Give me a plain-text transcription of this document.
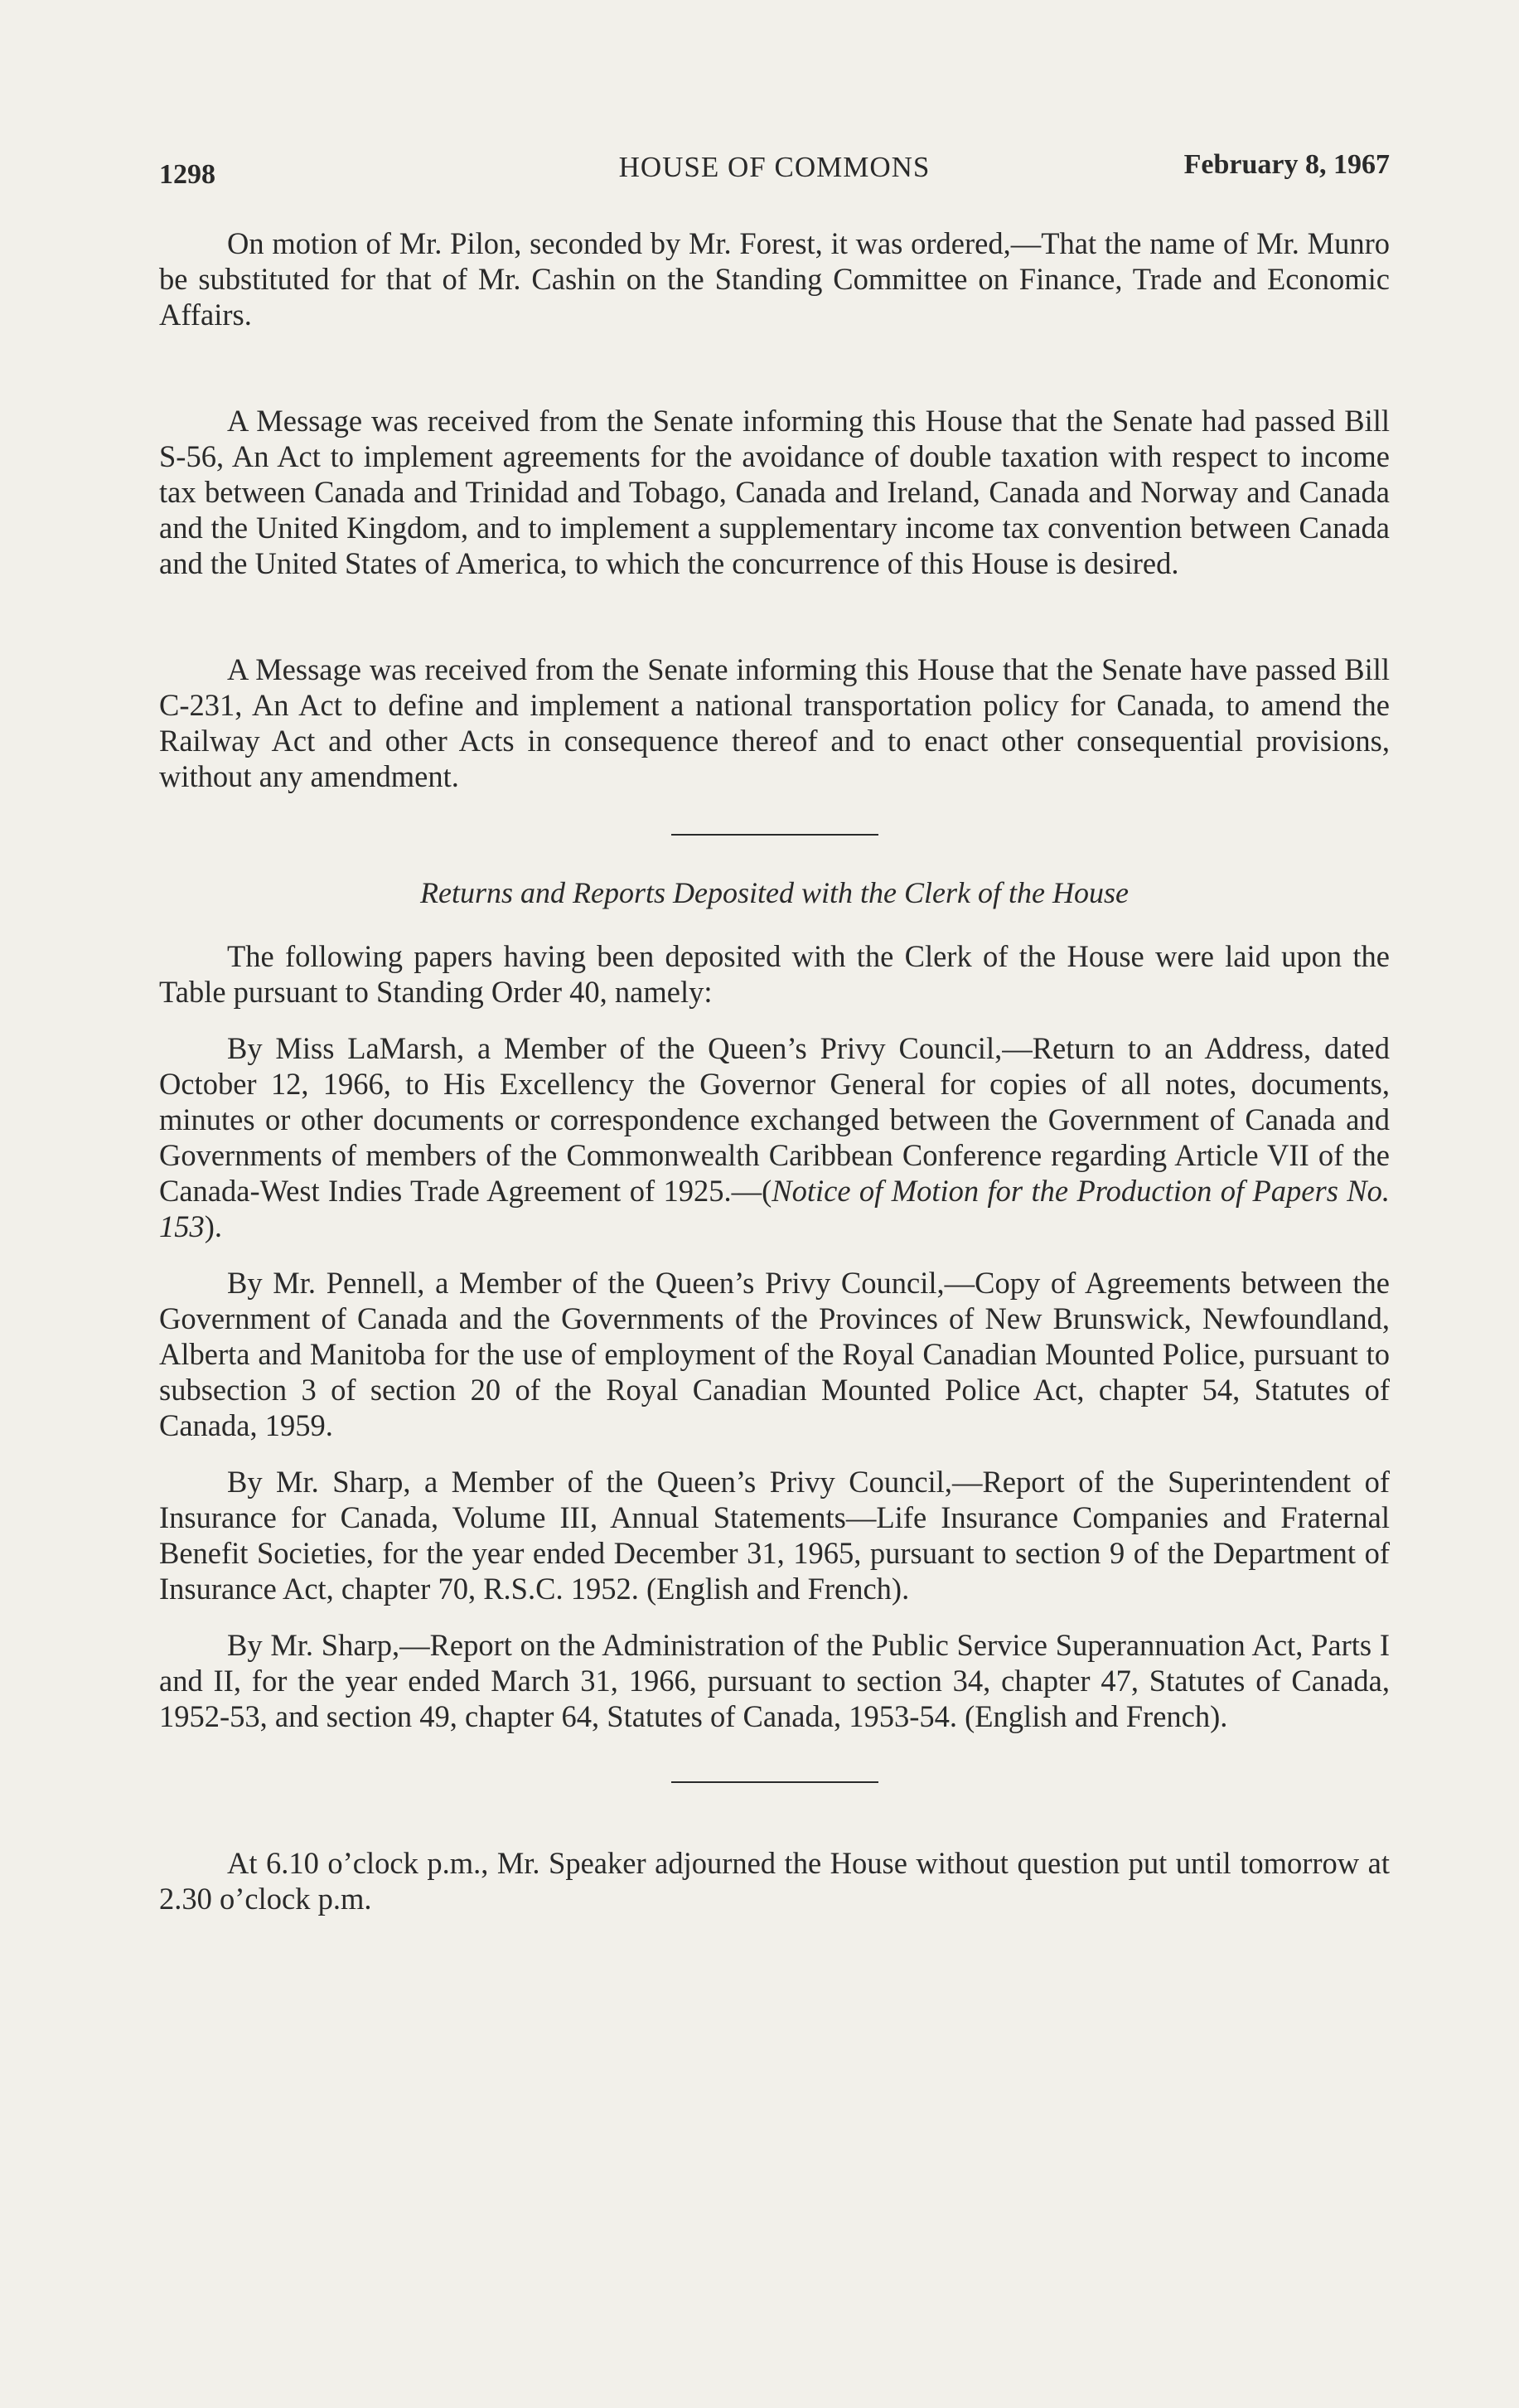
1298	HOUSE OF COMMONS	February 8, 1967

On motion of Mr. Pilon, seconded by Mr. Forest, it was ordered,—That the name of Mr. Munro be substituted for that of Mr. Cashin on the Standing Committee on Finance, Trade and Economic Affairs.

A Message was received from the Senate informing this House that the Senate had passed Bill S-56, An Act to implement agreements for the avoidance of double taxation with respect to income tax between Canada and Trinidad and Tobago, Canada and Ireland, Canada and Norway and Canada and the United Kingdom, and to implement a supplementary income tax convention between Canada and the United States of America, to which the concurrence of this House is desired.

A Message was received from the Senate informing this House that the Senate have passed Bill C-231, An Act to define and implement a national transportation policy for Canada, to amend the Railway Act and other Acts in consequence thereof and to enact other consequential provisions, without any amendment.

Returns and Reports Deposited with the Clerk of the House

The following papers having been deposited with the Clerk of the House were laid upon the Table pursuant to Standing Order 40, namely:

By Miss LaMarsh, a Member of the Queen’s Privy Council,—Return to an Address, dated October 12, 1966, to His Excellency the Governor General for copies of all notes, documents, minutes or other documents or correspondence exchanged between the Government of Canada and Governments of members of the Commonwealth Caribbean Conference regarding Article VII of the Canada-West Indies Trade Agreement of 1925.—(Notice of Motion for the Production of Papers No. 153).

By Mr. Pennell, a Member of the Queen’s Privy Council,—Copy of Agreements between the Government of Canada and the Governments of the Provinces of New Brunswick, Newfoundland, Alberta and Manitoba for the use of employment of the Royal Canadian Mounted Police, pursuant to subsection 3 of section 20 of the Royal Canadian Mounted Police Act, chapter 54, Statutes of Canada, 1959.

By Mr. Sharp, a Member of the Queen’s Privy Council,—Report of the Superintendent of Insurance for Canada, Volume III, Annual Statements—Life Insurance Companies and Fraternal Benefit Societies, for the year ended December 31, 1965, pursuant to section 9 of the Department of Insurance Act, chapter 70, R.S.C. 1952. (English and French).

By Mr. Sharp,—Report on the Administration of the Public Service Superannuation Act, Parts I and II, for the year ended March 31, 1966, pursuant to section 34, chapter 47, Statutes of Canada, 1952-53, and section 49, chapter 64, Statutes of Canada, 1953-54. (English and French).

At 6.10 o’clock p.m., Mr. Speaker adjourned the House without question put until tomorrow at 2.30 o’clock p.m.
